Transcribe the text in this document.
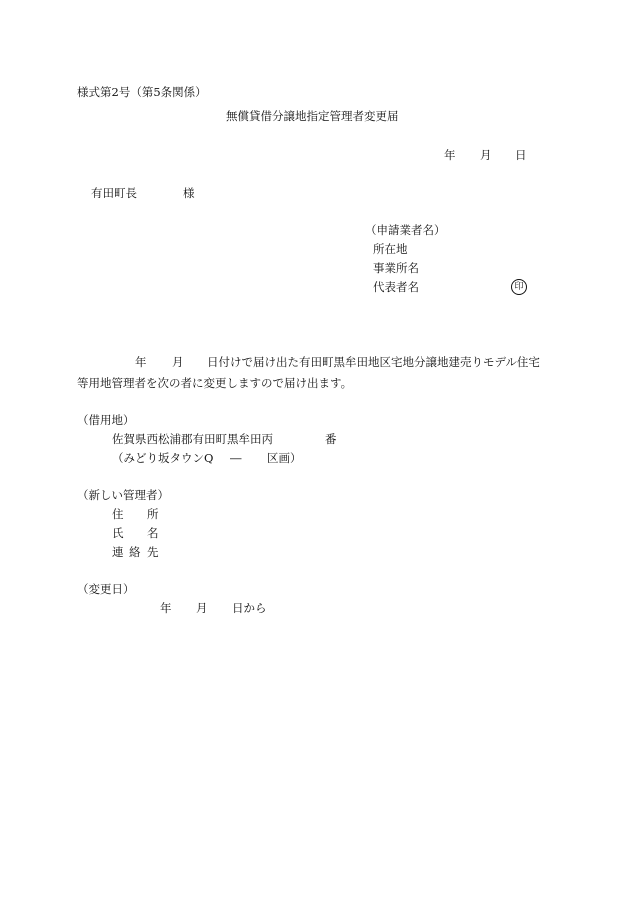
様式第2号（第5条関係）
無償貸借分譲地指定管理者変更届
年 月 日
有田町長	様
（申請業者名）
所在地
事業所名
代表者名	印
年 月 日付けで届け出た有田町黒牟田地区宅地分譲地建売りモデル住宅
等用地管理者を次の者に変更しますので届け出ます。
（借用地）
佐賀県西松浦郡有田町黒牟田丙	番
（みどり坂タウンQ ― 区画）
（新しい管理者）
住 所
氏 名
連 絡 先
（変更日）
年 月 日から
